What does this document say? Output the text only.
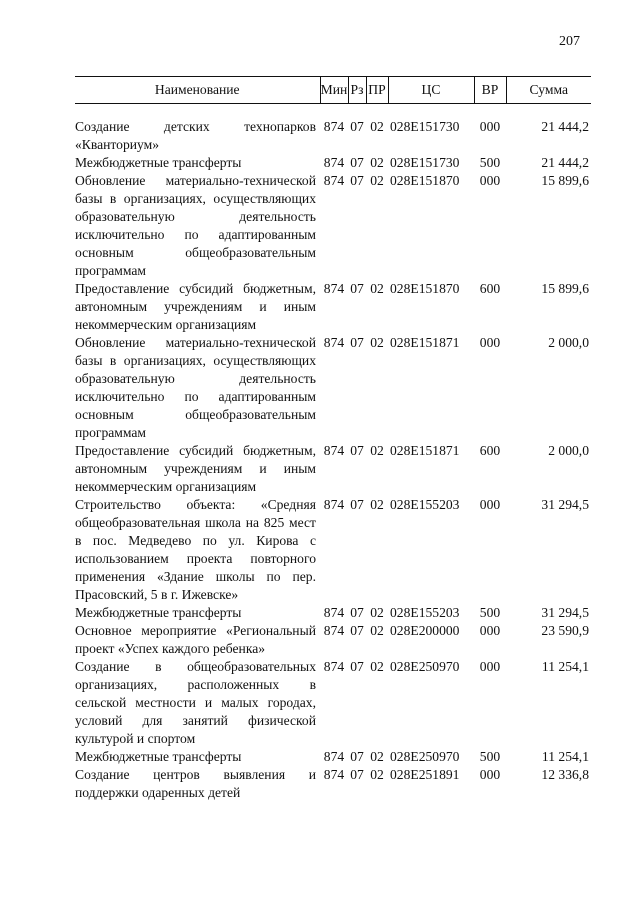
207
Наименование	Мин	Рз	ПР	ЦС	ВР	Сумма

Создание детских технопарков «Кванториум»	874	07	02	028E151730	000	21 444,2
Межбюджетные трансферты	874	07	02	028E151730	500	21 444,2
Обновление материально-технической базы в организациях, осуществляющих образовательную деятельность исключительно по адаптированным основным общеобразовательным программам	874	07	02	028E151870	000	15 899,6
Предоставление субсидий бюджетным, автономным учреждениям и иным некоммерческим организациям	874	07	02	028E151870	600	15 899,6
Обновление материально-технической базы в организациях, осуществляющих образовательную деятельность исключительно по адаптированным основным общеобразовательным программам	874	07	02	028E151871	000	2 000,0
Предоставление субсидий бюджетным, автономным учреждениям и иным некоммерческим организациям	874	07	02	028E151871	600	2 000,0
Строительство объекта: «Средняя общеобразовательная школа на 825 мест в пос. Медведево по ул. Кирова с использованием проекта повторного применения «Здание школы по пер. Прасовский, 5 в г. Ижевске»	874	07	02	028E155203	000	31 294,5
Межбюджетные трансферты	874	07	02	028E155203	500	31 294,5
Основное мероприятие «Региональный проект «Успех каждого ребенка»	874	07	02	028E200000	000	23 590,9
Создание в общеобразовательных организациях, расположенных в сельской местности и малых городах, условий для занятий физической культурой и спортом	874	07	02	028E250970	000	11 254,1
Межбюджетные трансферты	874	07	02	028E250970	500	11 254,1
Создание центров выявления и поддержки одаренных детей	874	07	02	028E251891	000	12 336,8
